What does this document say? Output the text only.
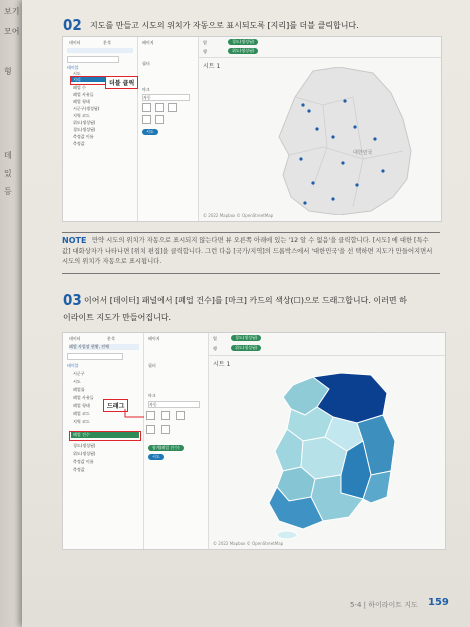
보기
모어
형
데
있
등
02 지도를 만들고 시도의 위치가 자동으로 표시되도록 [지리]를 더블 클릭합니다.
데이터	분석
테이블
시도
지리
폐업 수
폐업 사유들
폐업 형태
시군구(생성됨)
지역 코드
위도(생성됨)
경도(생성됨)
측정값 이름
측정값
더블 클릭
페이지
필터
마크
자동
시도
열	경도(생성됨)
행	위도(생성됨)
시트 1
대한민국
© 2022 Mapbox © OpenStreetMap
NOTE 만약 시도의 위치가 자동으로 표시되지 않는다면 뷰 오른쪽 아래에 있는 '12 알 수 없음'을 클릭합니다. [시도] 에 대한 [특수 값] 대화상자가 나타나면 [위치 편집]을 클릭합니다. 그런 다음 [국가/지역]의 드롭박스에서 '대한민국'을 선 택하면 지도가 만들어지면서 시도의 위치가 자동으로 표시됩니다.
03 이어서 [데이터] 패널에서 [폐업 건수]를 [마크] 카드의 색상(☐)으로 드래그합니다. 이러면 하
이라이트 지도가 만들어집니다.
데이터	분석
폐업 사업장 현황, 전체
테이블
시군구
시도
폐업률
폐업 사유들
폐업 형태
폐업 코드
지역 코드
폐업 건수
경도(생성됨)
위도(생성됨)
측정값 이름
측정값
드래그
페이지
필터
마크
자동
합계(폐업 건수)
시도
열	경도(생성됨)
행	위도(생성됨)
시트 1
© 2022 Mapbox © OpenStreetMap
5-4 | 하이라이트 지도 159
